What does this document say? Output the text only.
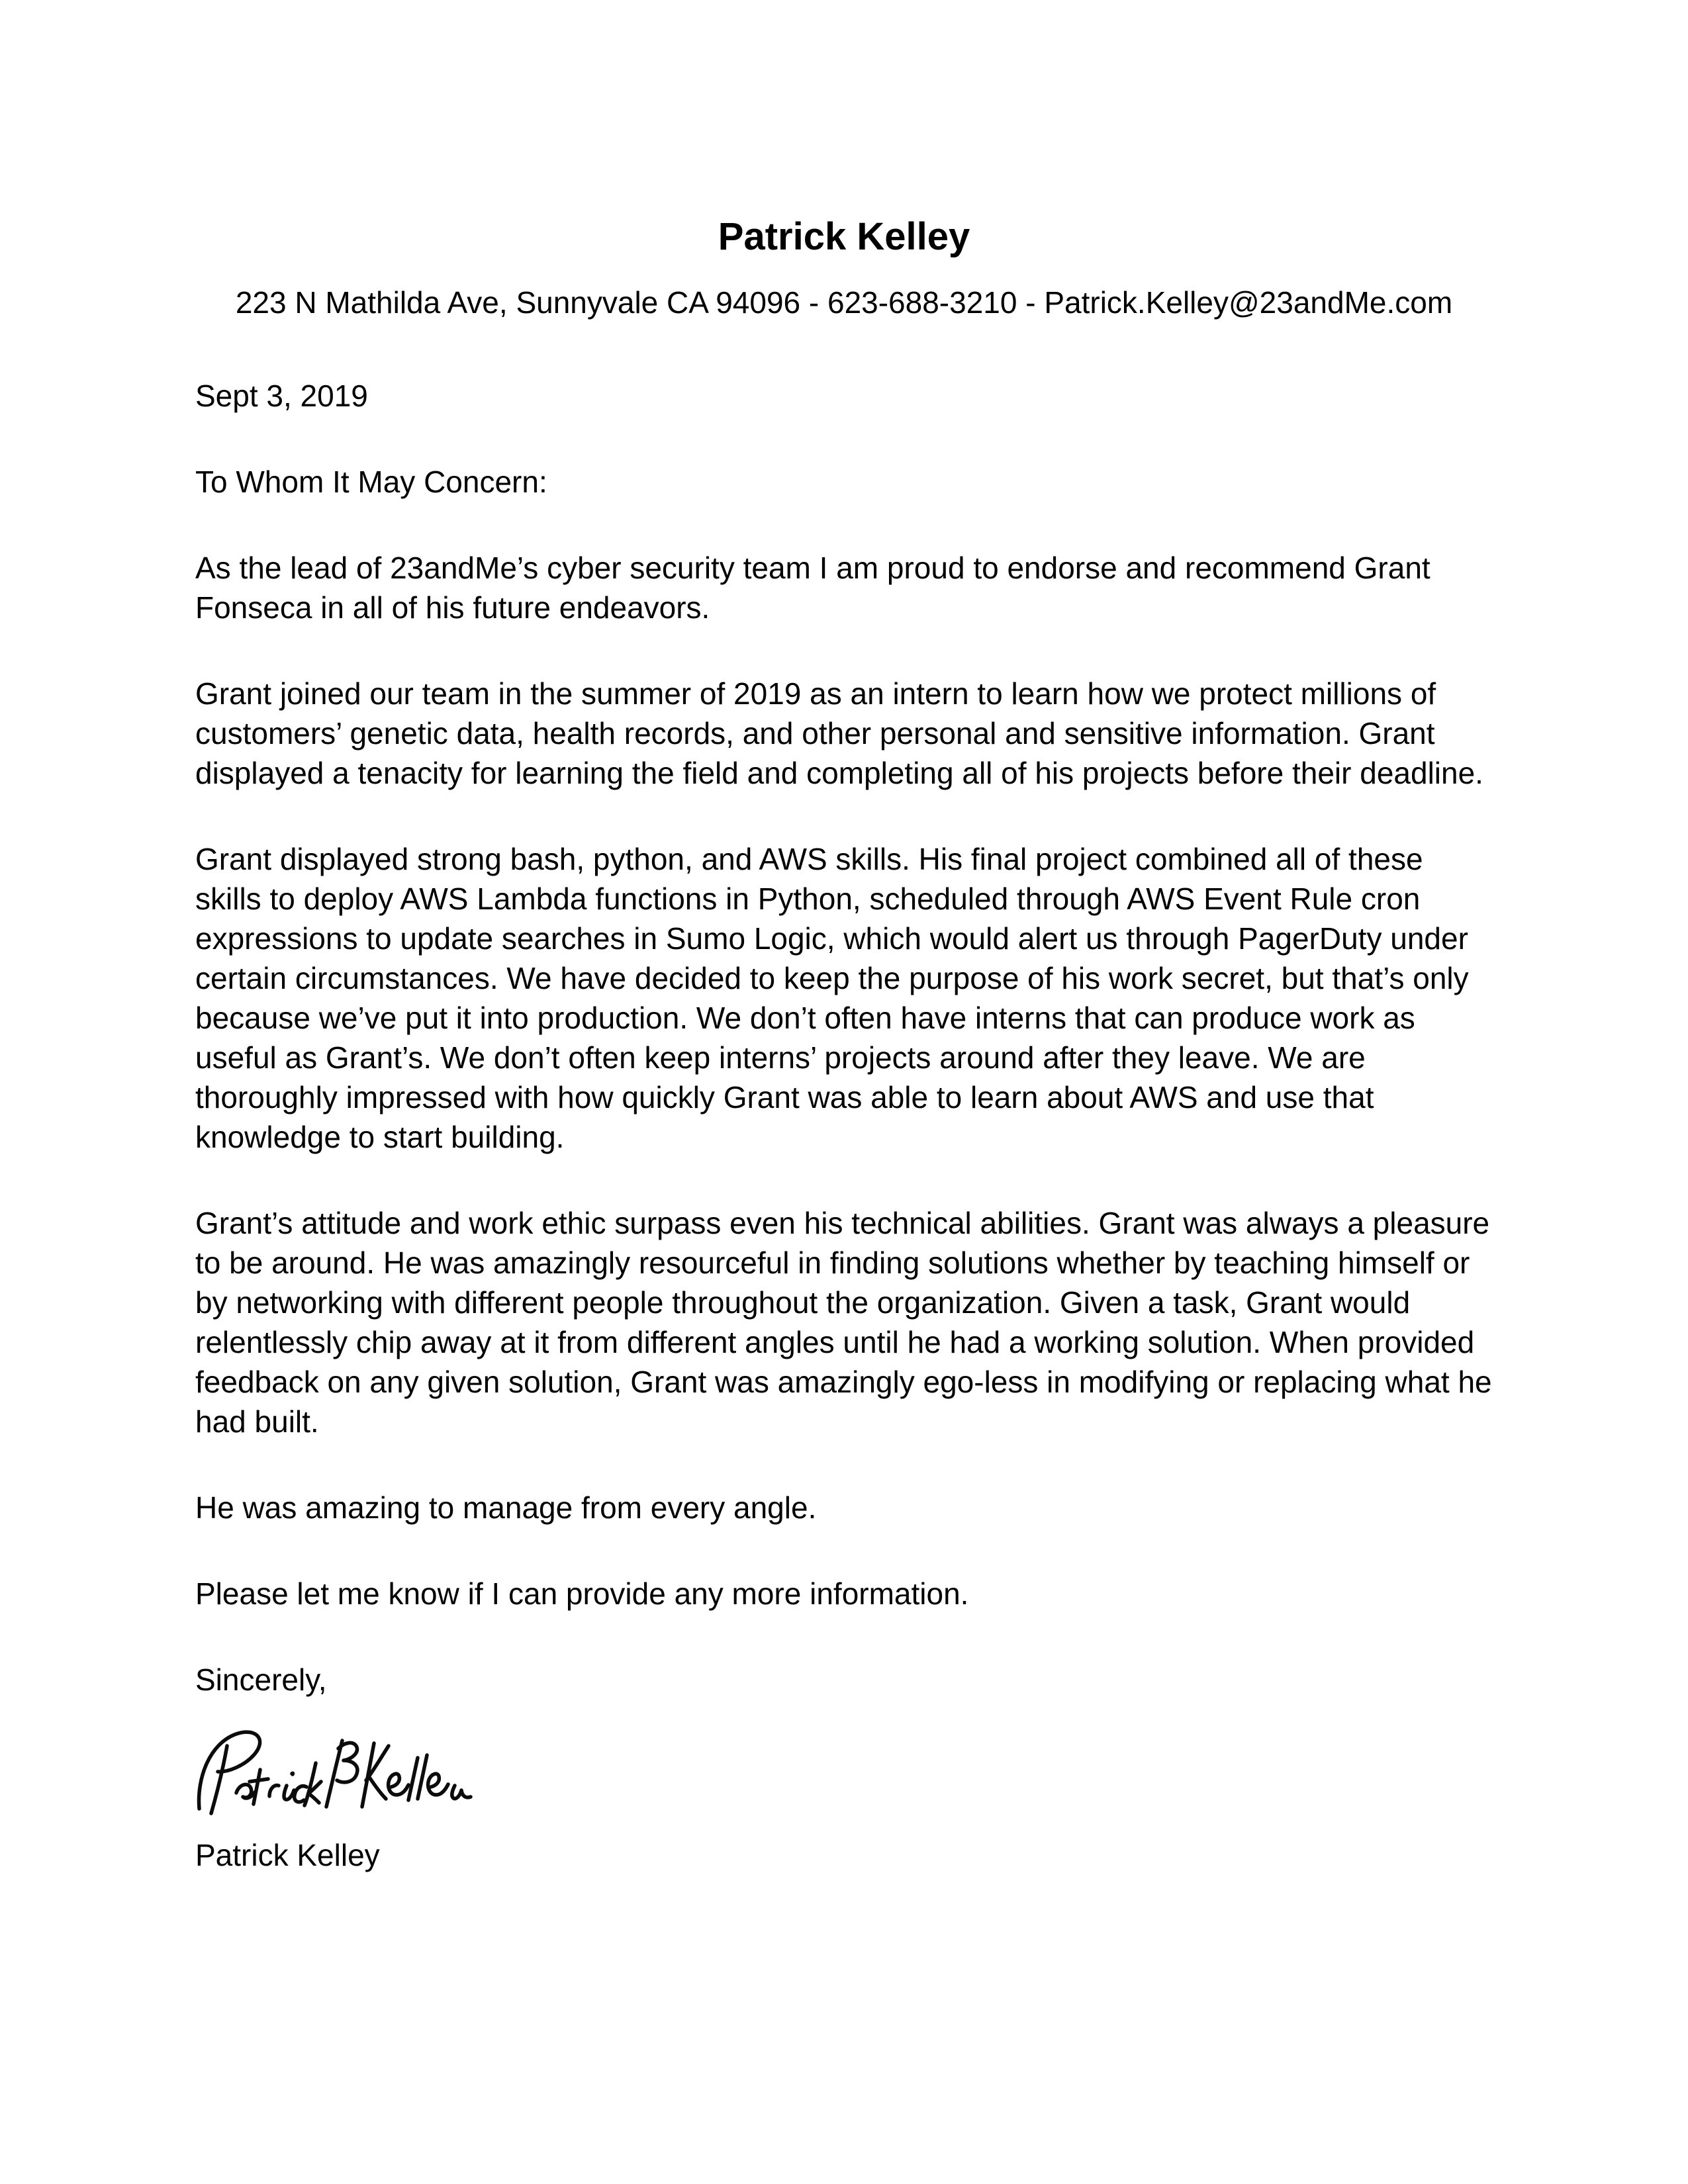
Patrick Kelley
223 N Mathilda Ave, Sunnyvale CA 94096 - 623-688-3210 - Patrick.Kelley@23andMe.com

Sept 3, 2019

To Whom It May Concern:

As the lead of 23andMe’s cyber security team I am proud to endorse and recommend Grant Fonseca in all of his future endeavors.

Grant joined our team in the summer of 2019 as an intern to learn how we protect millions of customers’ genetic data, health records, and other personal and sensitive information. Grant displayed a tenacity for learning the field and completing all of his projects before their deadline.

Grant displayed strong bash, python, and AWS skills. His final project combined all of these skills to deploy AWS Lambda functions in Python, scheduled through AWS Event Rule cron expressions to update searches in Sumo Logic, which would alert us through PagerDuty under certain circumstances. We have decided to keep the purpose of his work secret, but that’s only because we’ve put it into production. We don’t often have interns that can produce work as useful as Grant’s. We don’t often keep interns’ projects around after they leave. We are thoroughly impressed with how quickly Grant was able to learn about AWS and use that knowledge to start building.

Grant’s attitude and work ethic surpass even his technical abilities. Grant was always a pleasure to be around. He was amazingly resourceful in finding solutions whether by teaching himself or by networking with different people throughout the organization. Given a task, Grant would relentlessly chip away at it from different angles until he had a working solution. When provided feedback on any given solution, Grant was amazingly ego-less in modifying or replacing what he had built.

He was amazing to manage from every angle.

Please let me know if I can provide any more information.

Sincerely,

Patrick Kelley
